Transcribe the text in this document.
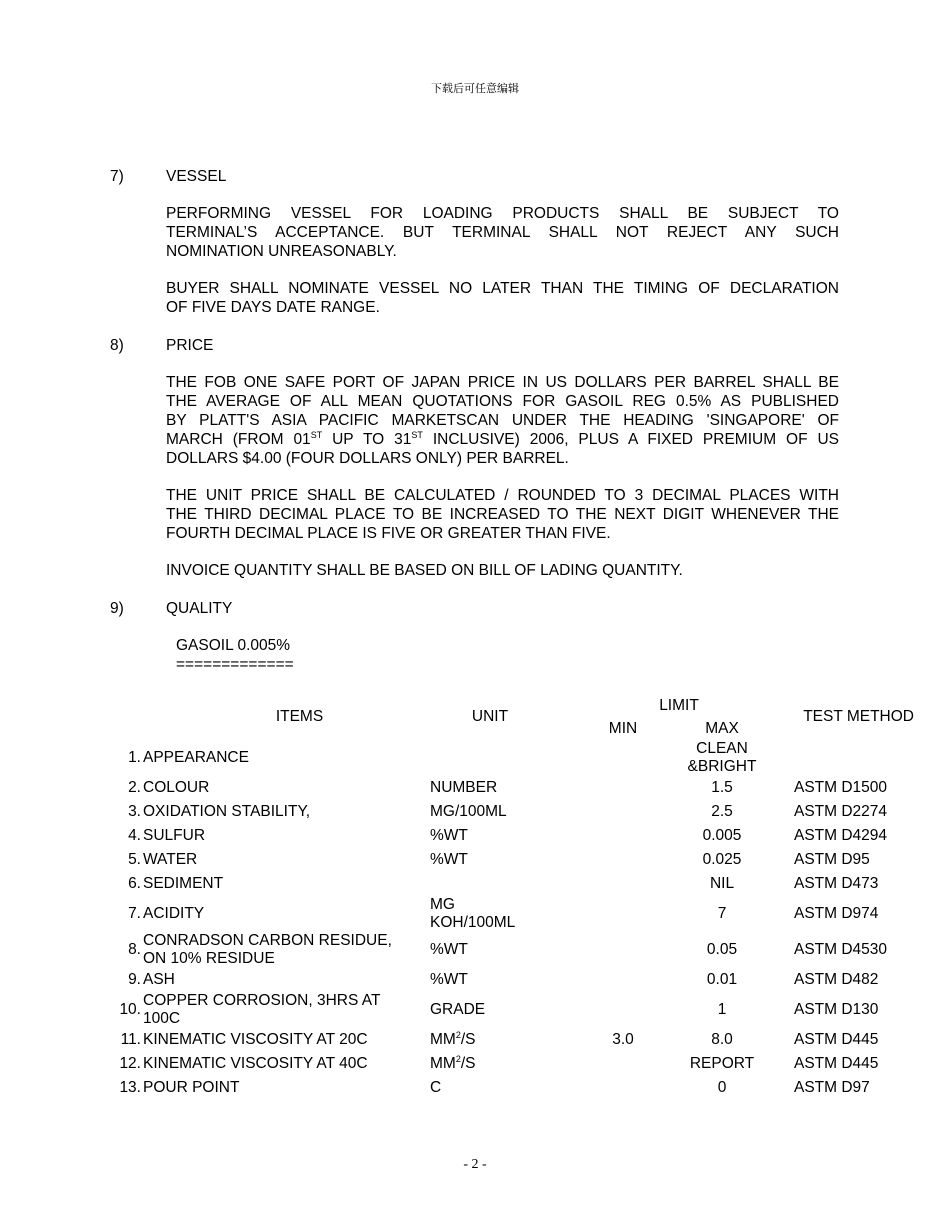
下载后可任意编辑
7)	VESSEL
PERFORMING VESSEL FOR LOADING PRODUCTS SHALL BE SUBJECT TO
TERMINAL’S ACCEPTANCE. BUT TERMINAL SHALL NOT REJECT ANY SUCH
NOMINATION UNREASONABLY.
BUYER SHALL NOMINATE VESSEL NO LATER THAN THE TIMING OF DECLARATION
OF FIVE DAYS DATE RANGE.
8)	PRICE
THE FOB ONE SAFE PORT OF JAPAN PRICE IN US DOLLARS PER BARREL SHALL BE
THE AVERAGE OF ALL MEAN QUOTATIONS FOR GASOIL REG 0.5% AS PUBLISHED
BY PLATT'S ASIA PACIFIC MARKETSCAN UNDER THE HEADING 'SINGAPORE' OF
MARCH (FROM 01ST UP TO 31ST INCLUSIVE) 2006, PLUS A FIXED PREMIUM OF US
DOLLARS $4.00 (FOUR DOLLARS ONLY) PER BARREL.
THE UNIT PRICE SHALL BE CALCULATED / ROUNDED TO 3 DECIMAL PLACES WITH
THE THIRD DECIMAL PLACE TO BE INCREASED TO THE NEXT DIGIT WHENEVER THE
FOURTH DECIMAL PLACE IS FIVE OR GREATER THAN FIVE.
INVOICE QUANTITY SHALL BE BASED ON BILL OF LADING QUANTITY.
9)	QUALITY
GASOIL 0.005%
=============
ITEMS		UNIT	LIMIT		TEST METHOD
			MIN	MAX	
1.	APPEARANCE			CLEAN
&BRIGHT	
2.	COLOUR	NUMBER		1.5	ASTM D1500
3.	OXIDATION STABILITY,	MG/100ML		2.5	ASTM D2274
4.	SULFUR	%WT		0.005	ASTM D4294
5.	WATER	%WT		0.025	ASTM D95
6.	SEDIMENT			NIL	ASTM D473
7.	ACIDITY	MG
KOH/100ML		7	ASTM D974
8.	CONRADSON CARBON RESIDUE,
ON 10% RESIDUE	%WT		0.05	ASTM D4530
9.	ASH	%WT		0.01	ASTM D482
10.	COPPER CORROSION, 3HRS AT
100C	GRADE		1	ASTM D130
11.	KINEMATIC VISCOSITY AT 20C	$MM^2/S$	3.0	8.0	ASTM D445
12.	KINEMATIC VISCOSITY AT 40C	$MM^2/S$		REPORT	ASTM D445
13.	POUR POINT	C		0	ASTM D97
- 2 -
